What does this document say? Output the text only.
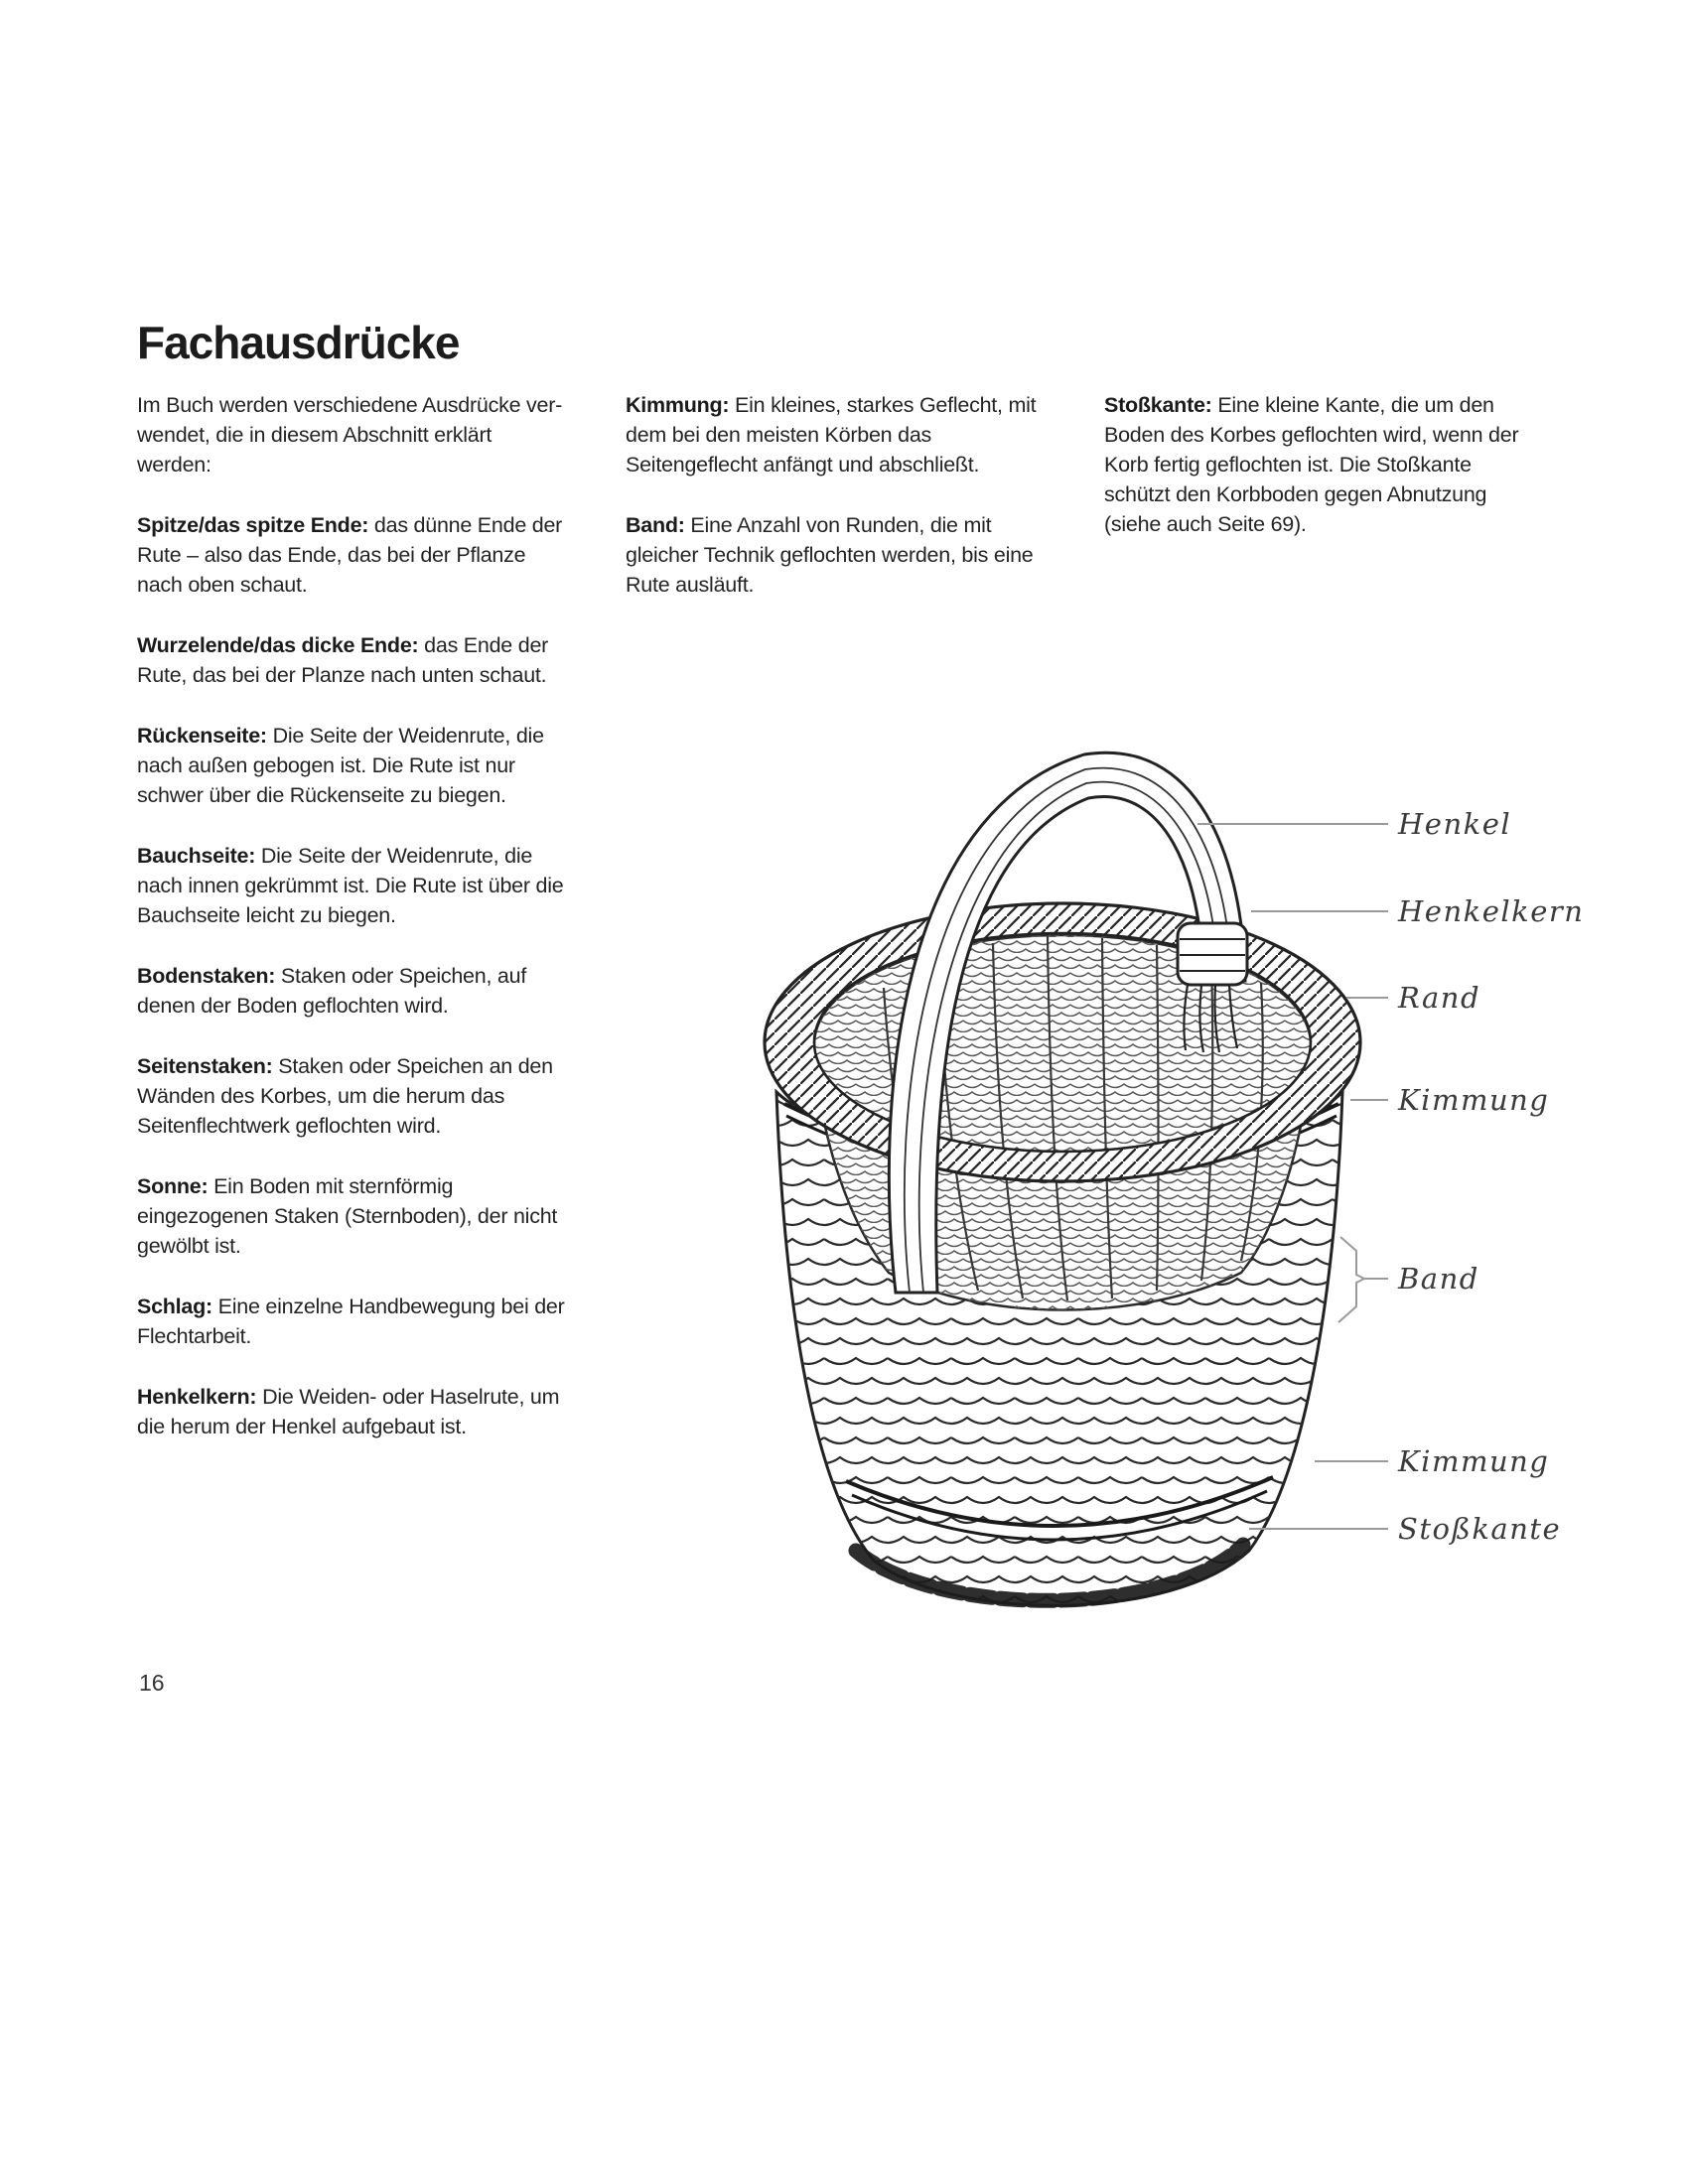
Henkel
Henkelkern
Rand
Kimmung
Band
Kimmung
Stoßkante
Fachausdrücke

Im Buch werden verschiedene Ausdrücke verwendet, die in diesem Abschnitt erklärt werden:

Spitze/das spitze Ende: das dünne Ende der Rute – also das Ende, das bei der Pflanze nach oben schaut.

Wurzelende/das dicke Ende: das Ende der Rute, das bei der Planze nach unten schaut.

Rückenseite: Die Seite der Weidenrute, die nach außen gebogen ist. Die Rute ist nur schwer über die Rückenseite zu biegen.

Bauchseite: Die Seite der Weidenrute, die nach innen gekrümmt ist. Die Rute ist über die Bauchseite leicht zu biegen.

Bodenstaken: Staken oder Speichen, auf denen der Boden geflochten wird.

Seitenstaken: Staken oder Speichen an den Wänden des Korbes, um die herum das Seitenflechtwerk geflochten wird.

Sonne: Ein Boden mit sternförmig eingezogenen Staken (Sternboden), der nicht gewölbt ist.

Schlag: Eine einzelne Handbewegung bei der Flechtarbeit.

Henkelkern: Die Weiden- oder Haselrute, um die herum der Henkel aufgebaut ist.

Kimmung: Ein kleines, starkes Geflecht, mit dem bei den meisten Körben das Seitengeflecht anfängt und abschließt.

Band: Eine Anzahl von Runden, die mit gleicher Technik geflochten werden, bis eine Rute ausläuft.

Stoßkante: Eine kleine Kante, die um den Boden des Korbes geflochten wird, wenn der Korb fertig geflochten ist. Die Stoßkante schützt den Korbboden gegen Abnutzung (siehe auch Seite 69).

16
